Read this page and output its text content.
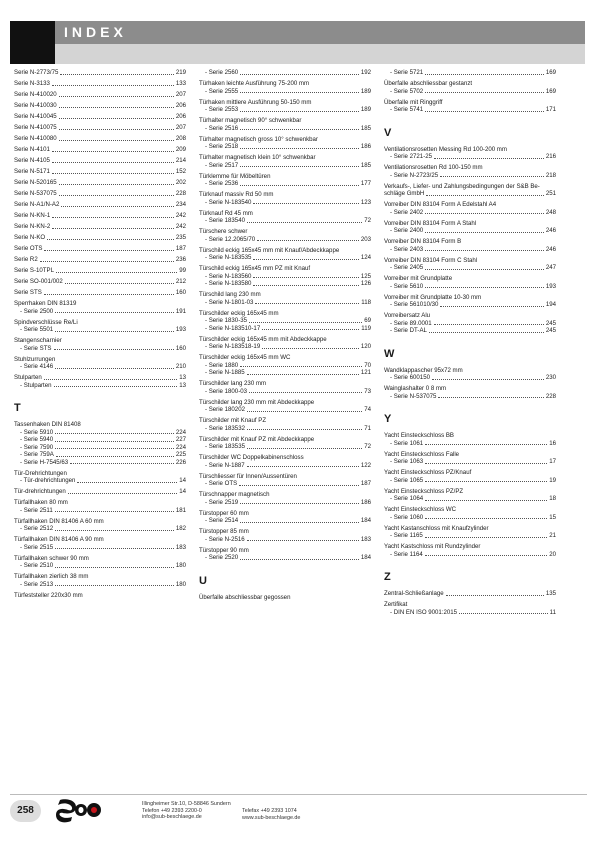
INDEX
Serie N-2773/75	219
Serie N-3133	133
Serie N-410020	207
Serie N-410030	206
Serie N-410045	206
Serie N-410075	207
Serie N-410080	208
Serie N-4101	209
Serie N-4105	214
Serie N-5171	152
Serie N-520165	202
Serie N-537075	228
Serie N-A1/N-A2	234
Serie N-KN-1	242
Serie N-KN-2	242
Serie N-KO	235
Serie OTS	187
Serie R2	236
Serie S-10TPL	99
Serie SO-001/002	212
Serie STS	160
Sperrhaken DIN 81319
- Serie 2500	191
Spindverschlüsse Re/Li
- Serie 5501	193
Stangenscharnier
- Serie STS	160
Stuhlzurrungen
- Serie 4146	210
Stulparten	13
- Stulparten	13
T
Tassenhaken DIN 81408
- Serie 5910	224
- Serie 5940	227
- Serie 7590	224
- Serie 759A	225
- Serie H-7545/63	226
Tür-Drehrichtungen
- Tür-drehrichtungen	14
Tür-drehrichtungen	14
Türfallhaken 80 mm
- Serie 2511	181
Türfallhaken DIN 81406 A 60 mm
- Serie 2512	182
Türfallhaken DIN 81406 A 90 mm
- Serie 2515	183
Türfallhaken schwer 90 mm
- Serie 2510	180
Türfallhaken zierlich 38 mm
- Serie 2513	180
Türfeststeller 220x30 mm
- Serie 2560	192
Türhaken leichte Ausführung 75-200 mm
- Serie 2555	189
Türhaken mittlere Ausführung 50-150 mm
- Serie 2553	189
Türhalter magnetisch 90° schwenkbar
- Serie 2516	185
Türhalter magnetisch gross 10° schwenkbar
- Serie 2518	186
Türhalter magnetisch klein 10° schwenkbar
- Serie 2517	185
Türklemme für Möbeltüren
- Serie 2536	177
Türknauf massiv Rd 50 mm
- Serie N-183540	123
Türknauf Rd 45 mm
- Serie 183540	72
Türschere schwer
- Serie 12.2065/70	203
Türschild eckig 165x45 mm mit Knauf/Abdeckkappe
- Serie N-183535	124
Türschild eckig 165x45 mm PZ mit Knauf
- Serie N-183560	125
- Serie N-183580	126
Türschild lang 230 mm
- Serie N-1801-03	118
Türschilder eckig 165x45 mm
- Serie 1830-35	69
- Serie N-183510-17	119
Türschilder eckig 165x45 mm mit Abdeckkappe
- Serie N-183518-19	120
Türschilder eckig 165x45 mm WC
- Serie 1880	70
- Serie N-1885	121
Türschilder lang 230 mm
- Serie 1800-03	73
Türschilder lang 230 mm mit Abdeckkappe
- Serie 180202	74
Türschilder mit Knauf PZ
- Serie 183532	71
Türschilder mit Knauf PZ mit Abdeckkappe
- Serie 183535	72
Türschilder WC Doppelkabinenschloss
- Serie N-1887	122
Türschliesser für Innen/Aussentüren
- Serie OTS	187
Türschnapper magnetisch
- Serie 2519	186
Türstopper 60 mm
- Serie 2514	184
Türstopper 85 mm
- Serie N-2516	183
Türstopper 90 mm
- Serie 2520	184
U
Überfalle abschliessbar gegossen
- Serie 5721	169
Überfalle abschliessbar gestanzt
- Serie 5702	169
Überfalle mit Ringgriff
- Serie 5741	171
V
Ventilationsrosetten Messing Rd 100-200 mm
- Serie 2721-25	216
Ventilationsrosetten Rd 100-150 mm
- Serie N-2723/25	218
Verkaufs-, Liefer- und Zahlungsbedingungen der S&B Be-
schläge GmbH	251
Vorreiber DIN 83104 Form A Edelstahl A4
- Serie 2402	248
Vorreiber DIN 83104 Form A Stahl
- Serie 2400	246
Vorreiber DIN 83104 Form B
- Serie 2403	246
Vorreiber DIN 83104 Form C Stahl
- Serie 2405	247
Vorreiber mit Grundplatte
- Serie 5610	193
Vorreiber mit Grundplatte 10-30 mm
- Serie 561010/30	194
Vorreibersatz Alu
- Serie 89.0001	245
- Serie DT-AL	245
W
Wandklappascher 95x72 mm
- Serie 600150	230
Wainglashalter 0 8 mm
- Serie N-537075	228
Y
Yacht Einsteckschloss BB
- Serie 1061	16
Yacht Einsteckschloss Falle
- Serie 1063	17
Yacht Einsteckschloss PZ/Knauf
- Serie 1065	19
Yacht Einsteckschloss PZ/PZ
- Serie 1064	18
Yacht Einsteckschloss WC
- Serie 1060	15
Yacht Kastanschloss mit Knaufzylinder
- Serie 1165	21
Yacht Kastschloss mit Rundzylinder
- Serie 1164	20
Z
Zentral-Schließanlage	135
Zertifikat
- DIN EN ISO 9001:2015	11
258
Illingheimer Str.10, D-58846 Sundern
Telefon +49 2393 2200-0
info@sub-beschlaege.de
Telefax +49 2393 1074
www.sub-beschlaege.de
